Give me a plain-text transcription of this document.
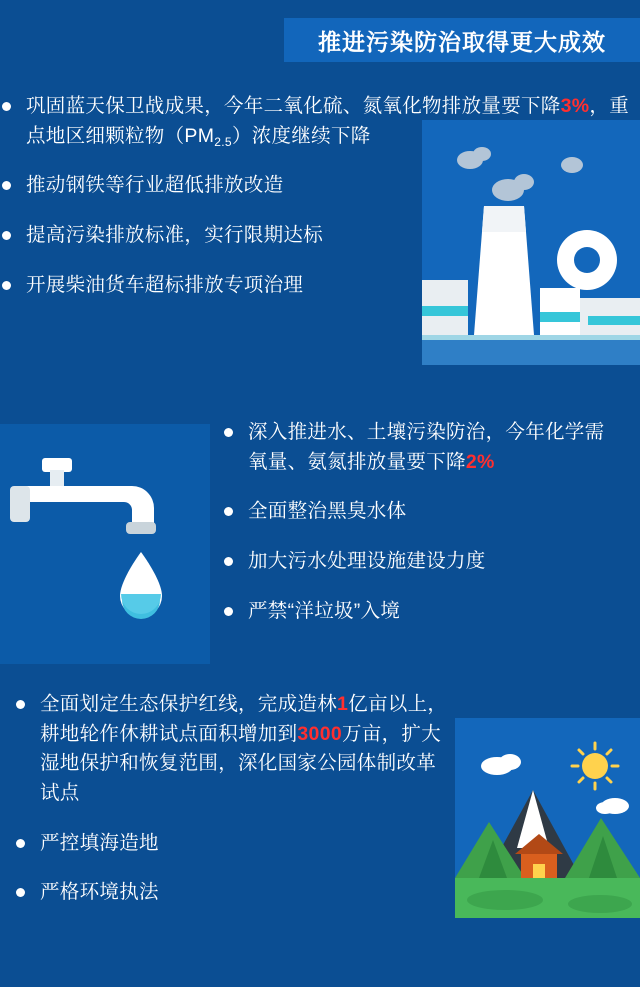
推进污染防治取得更大成效
巩固蓝天保卫战成果，今年二氧化硫、氮氧化物排放量要下降3%，重点地区细颗粒物$(PM_{2.5})$浓度继续下降
推动钢铁等行业超低排放改造
提高污染排放标准，实行限期达标
开展柴油货车超标排放专项治理
深入推进水、土壤污染防治，今年化学需氧量、氨氮排放量要下降2%
全面整治黑臭水体
加大污水处理设施建设力度
严禁“洋垃圾”入境
全面划定生态保护红线，完成造林1亿亩以上，耕地轮作休耕试点面积增加到3000万亩，扩大湿地保护和恢复范围，深化国家公园体制改革试点
严控填海造地
严格环境执法
